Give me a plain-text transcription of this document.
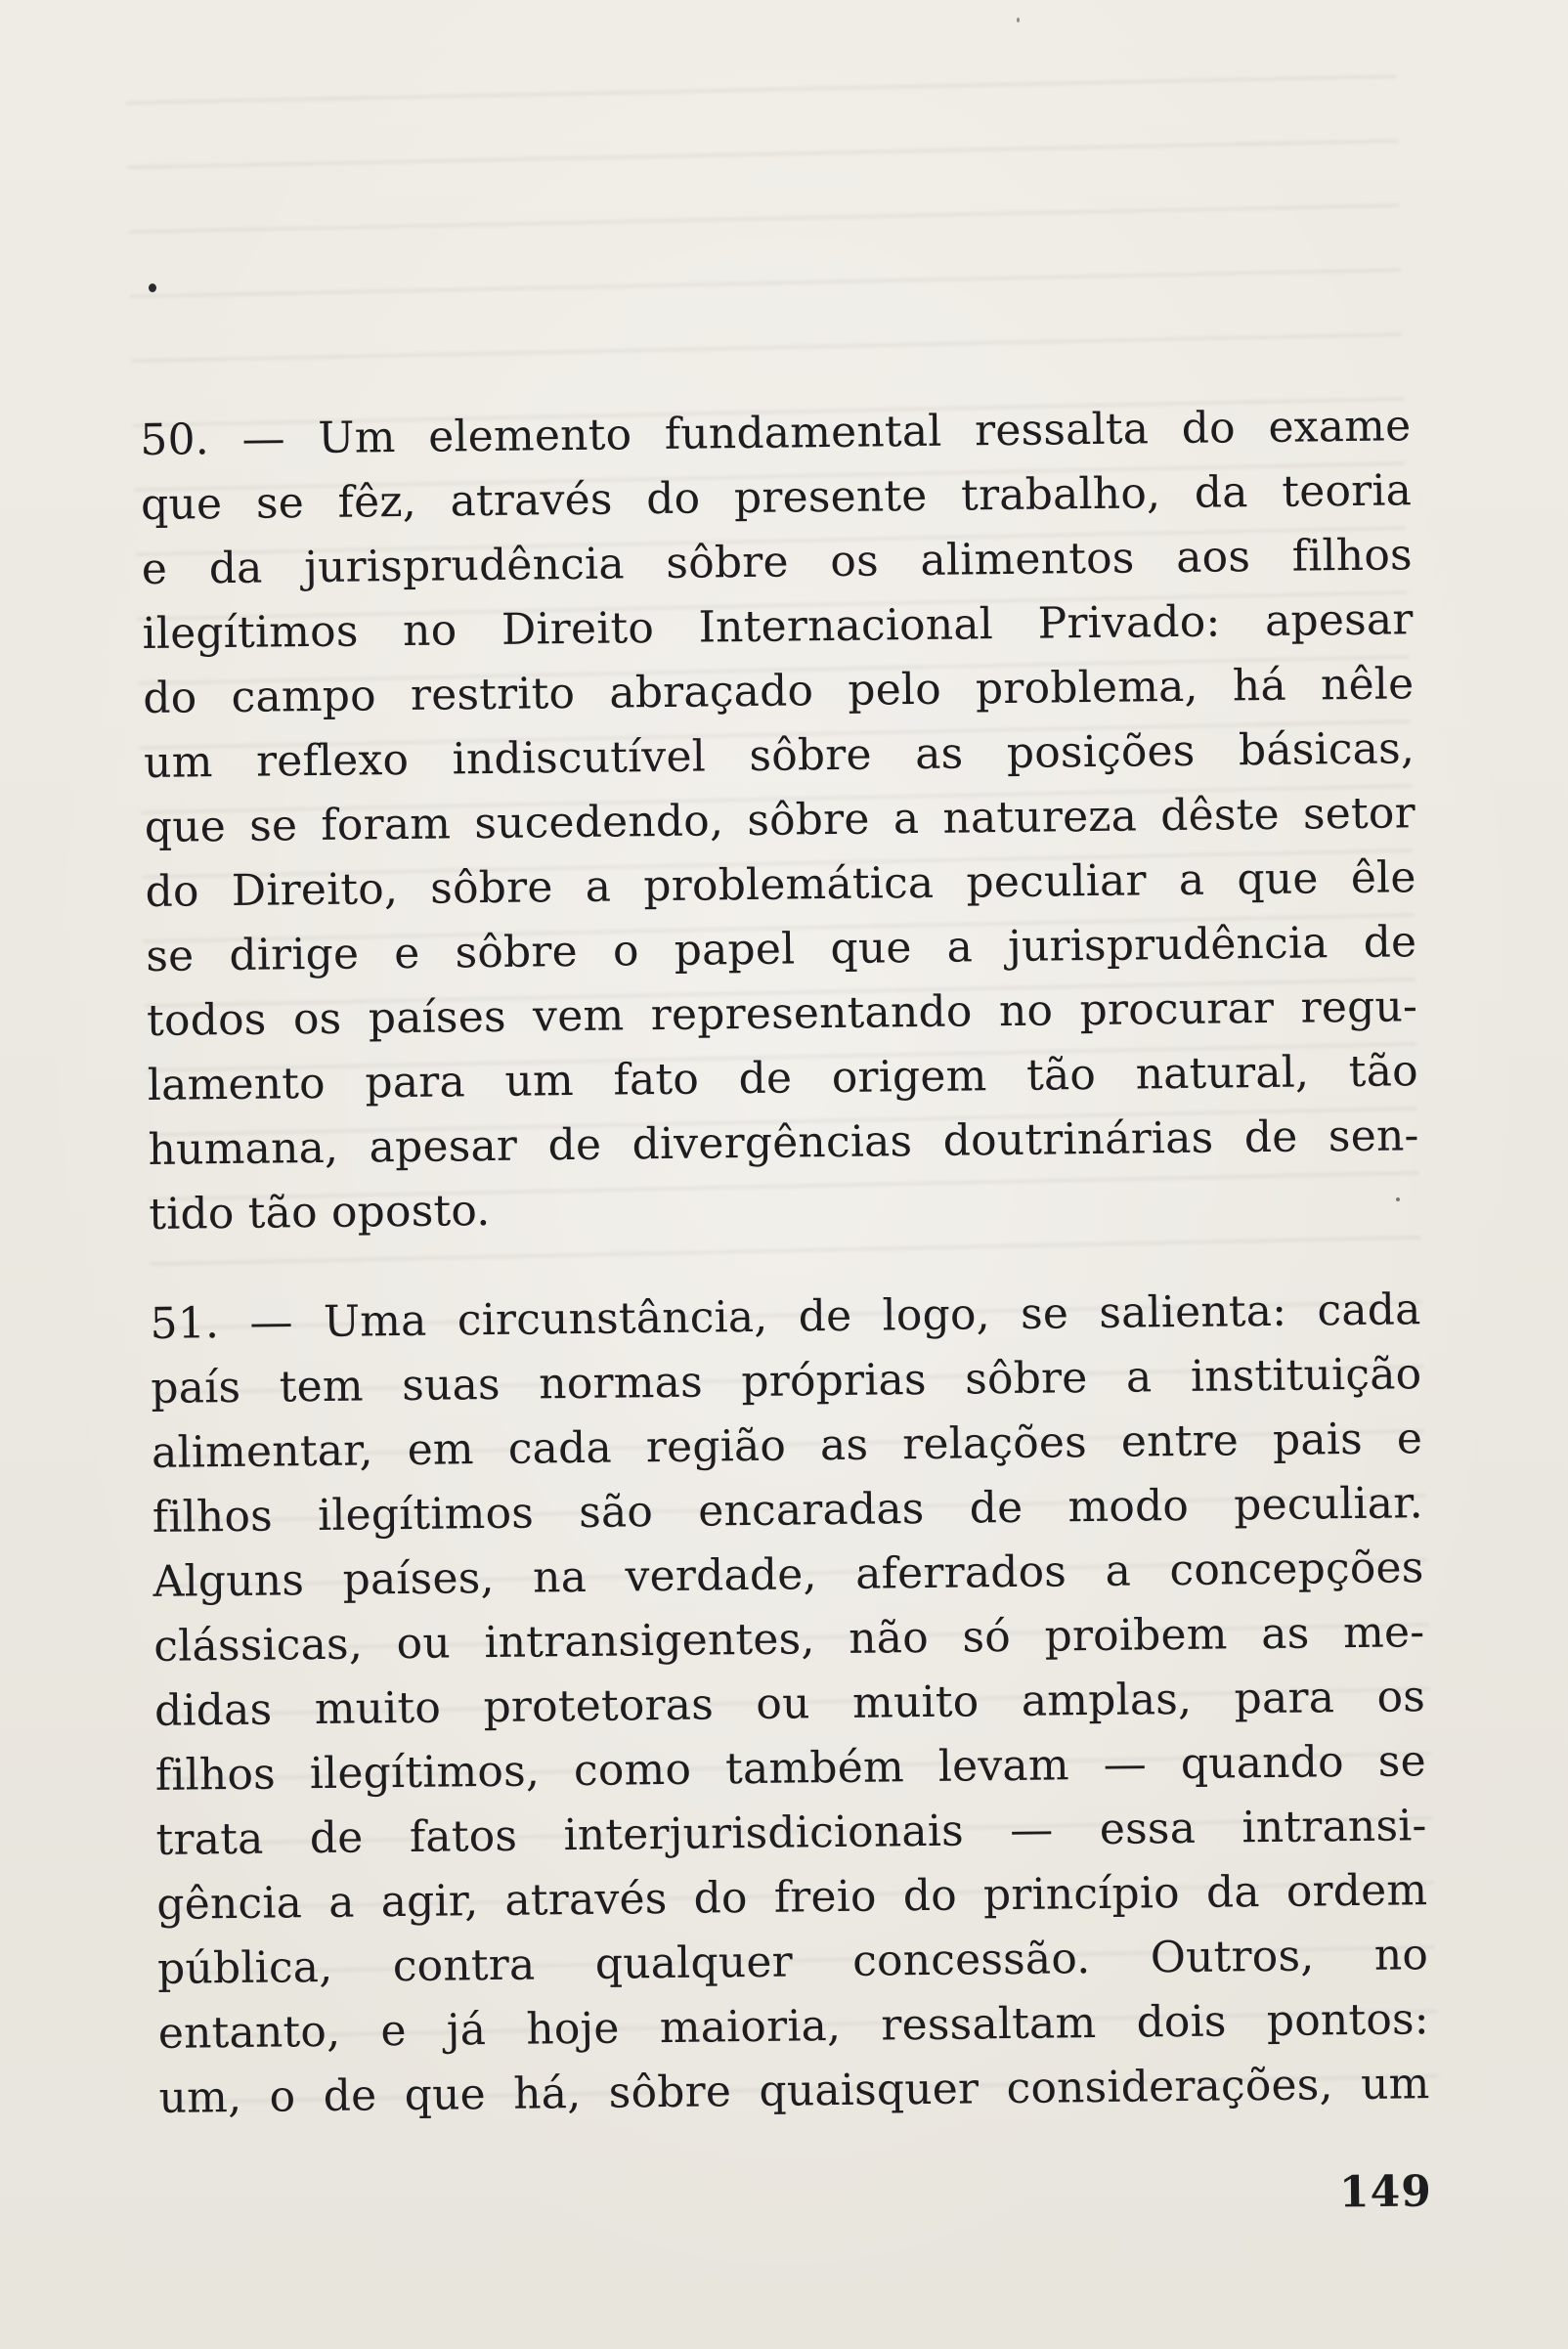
50. — Um elemento fundamental ressalta do exame
que se fêz, através do presente trabalho, da teoria
e da jurisprudência sôbre os alimentos aos filhos
ilegítimos no Direito Internacional Privado: apesar
do campo restrito abraçado pelo problema, há nêle
um reflexo indiscutível sôbre as posições básicas,
que se foram sucedendo, sôbre a natureza dêste setor
do Direito, sôbre a problemática peculiar a que êle
se dirige e sôbre o papel que a jurisprudência de
todos os países vem representando no procurar regu-
lamento para um fato de origem tão natural, tão
humana, apesar de divergências doutrinárias de sen-
tido tão oposto.

51. — Uma circunstância, de logo, se salienta: cada
país tem suas normas próprias sôbre a instituição
alimentar, em cada região as relações entre pais e
filhos ilegítimos são encaradas de modo peculiar.
Alguns países, na verdade, aferrados a concepções
clássicas, ou intransigentes, não só proibem as me-
didas muito protetoras ou muito amplas, para os
filhos ilegítimos, como também levam — quando se
trata de fatos interjurisdicionais — essa intransi-
gência a agir, através do freio do princípio da ordem
pública, contra qualquer concessão. Outros, no
entanto, e já hoje maioria, ressaltam dois pontos:
um, o de que há, sôbre quaisquer considerações, um

149
